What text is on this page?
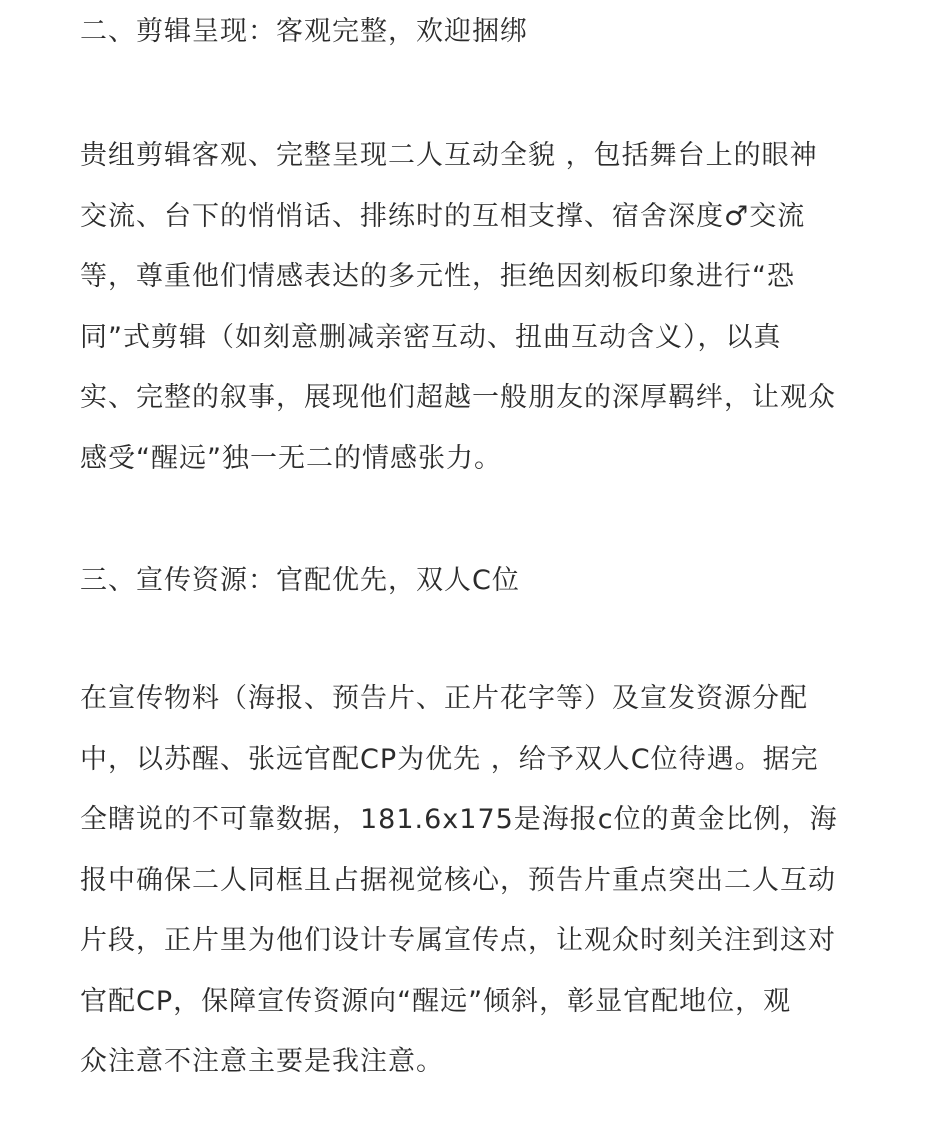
二、剪辑呈现：客观完整，欢迎捆绑

贵组剪辑客观、完整呈现二人互动全貌 ，包括舞台上的眼神
交流、台下的悄悄话、排练时的互相支撑、宿舍深度♂交流
等，尊重他们情感表达的多元性，拒绝因刻板印象进行“恐
同”式剪辑（如刻意删减亲密互动、扭曲互动含义），以真
实、完整的叙事，展现他们超越一般朋友的深厚羁绊，让观众
感受“醒远”独一无二的情感张力。

三、宣传资源：官配优先，双人C位

在宣传物料（海报、预告片、正片花字等）及宣发资源分配
中，以苏醒、张远官配CP为优先 ，给予双人C位待遇。据完
全瞎说的不可靠数据，181.6x175是海报c位的黄金比例，海
报中确保二人同框且占据视觉核心，预告片重点突出二人互动
片段，正片里为他们设计专属宣传点，让观众时刻关注到这对
官配CP，保障宣传资源向“醒远”倾斜，彰显官配地位，观
众注意不注意主要是我注意。
